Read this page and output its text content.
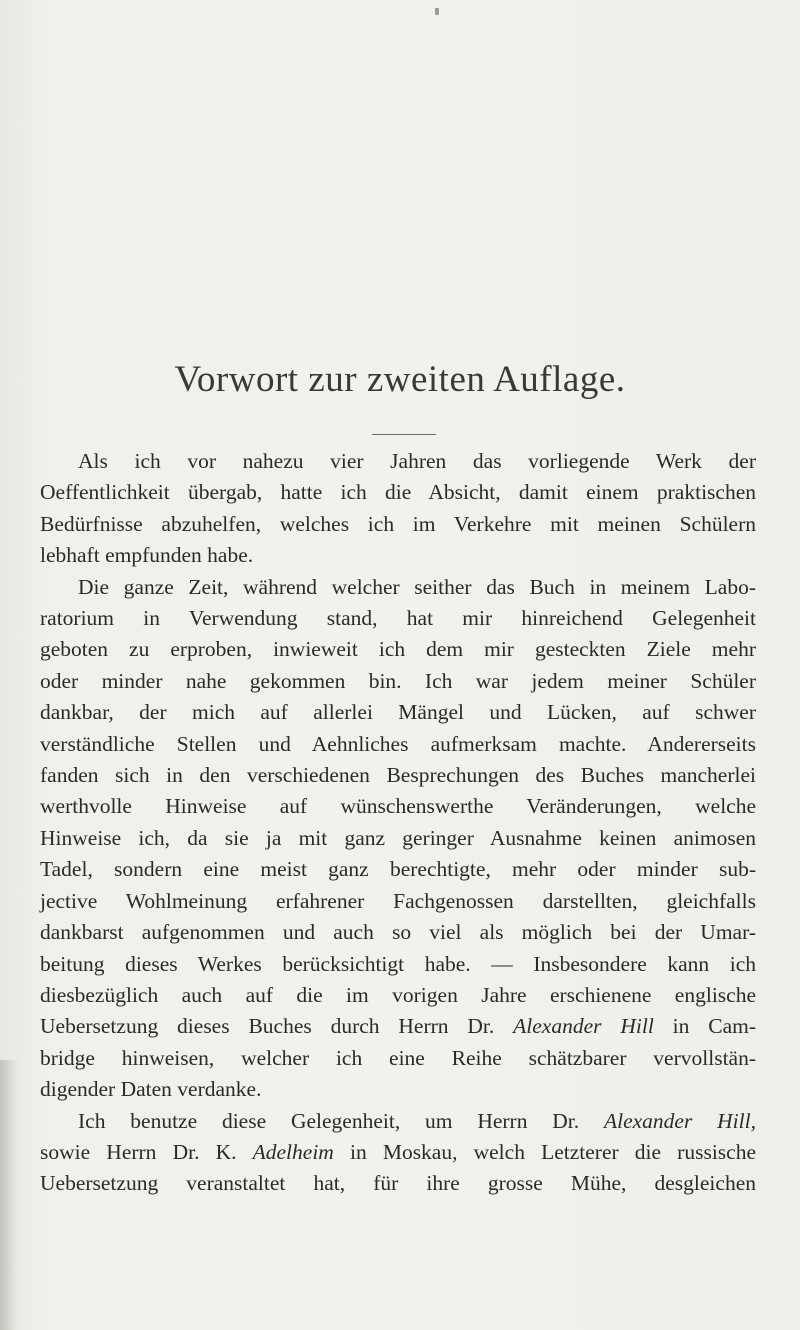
Vorwort zur zweiten Auflage.
Als ich vor nahezu vier Jahren das vorliegende Werk der
Oeffentlichkeit übergab, hatte ich die Absicht, damit einem praktischen
Bedürfnisse abzuhelfen, welches ich im Verkehre mit meinen Schülern
lebhaft empfunden habe.
Die ganze Zeit, während welcher seither das Buch in meinem Labo-
ratorium in Verwendung stand, hat mir hinreichend Gelegenheit
geboten zu erproben, inwieweit ich dem mir gesteckten Ziele mehr
oder minder nahe gekommen bin. Ich war jedem meiner Schüler
dankbar, der mich auf allerlei Mängel und Lücken, auf schwer
verständliche Stellen und Aehnliches aufmerksam machte. Andererseits
fanden sich in den verschiedenen Besprechungen des Buches mancherlei
werthvolle Hinweise auf wünschenswerthe Veränderungen, welche
Hinweise ich, da sie ja mit ganz geringer Ausnahme keinen animosen
Tadel, sondern eine meist ganz berechtigte, mehr oder minder sub-
jective Wohlmeinung erfahrener Fachgenossen darstellten, gleichfalls
dankbarst aufgenommen und auch so viel als möglich bei der Umar-
beitung dieses Werkes berücksichtigt habe. — Insbesondere kann ich
diesbezüglich auch auf die im vorigen Jahre erschienene englische
Uebersetzung dieses Buches durch Herrn Dr. Alexander Hill in Cam-
bridge hinweisen, welcher ich eine Reihe schätzbarer vervollstän-
digender Daten verdanke.
Ich benutze diese Gelegenheit, um Herrn Dr. Alexander Hill,
sowie Herrn Dr. K. Adelheim in Moskau, welch Letzterer die russische
Uebersetzung veranstaltet hat, für ihre grosse Mühe, desgleichen
